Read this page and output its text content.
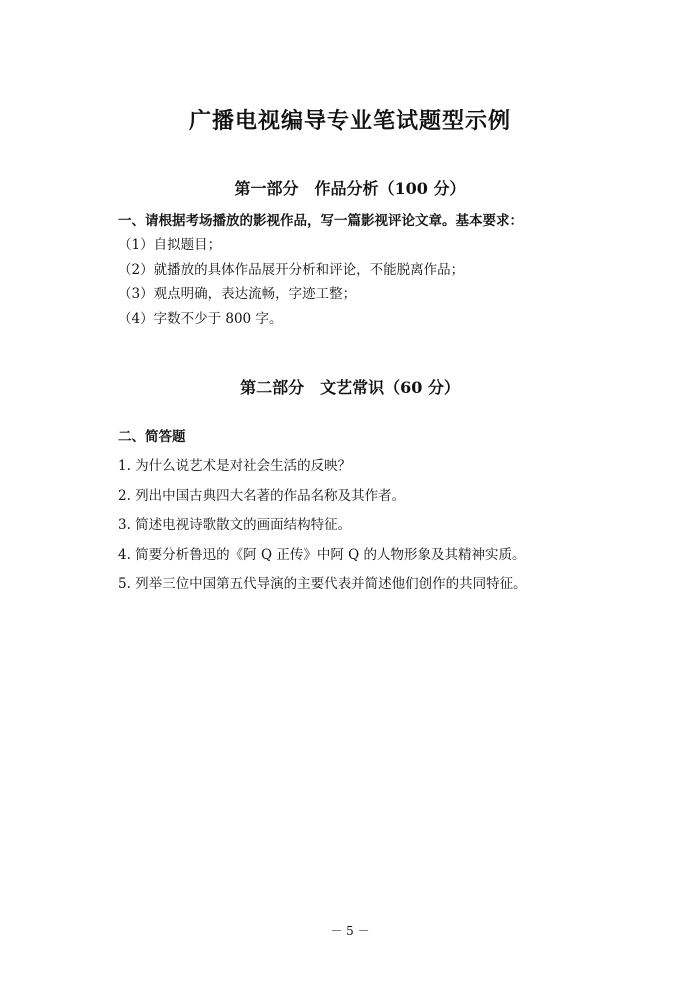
广播电视编导专业笔试题型示例
第一部分　作品分析（100 分）

一、请根据考场播放的影视作品，写一篇影视评论文章。基本要求：

（1）自拟题目；
（2）就播放的具体作品展开分析和评论，不能脱离作品；
（3）观点明确，表达流畅，字迹工整；
（4）字数不少于 800 字。
第二部分　文艺常识（60 分）

二、简答题

1. 为什么说艺术是对社会生活的反映？
2. 列出中国古典四大名著的作品名称及其作者。
3. 简述电视诗歌散文的画面结构特征。
4. 简要分析鲁迅的《阿 Q 正传》中阿 Q 的人物形象及其精神实质。
5. 列举三位中国第五代导演的主要代表并简述他们创作的共同特征。
－ 5 －
